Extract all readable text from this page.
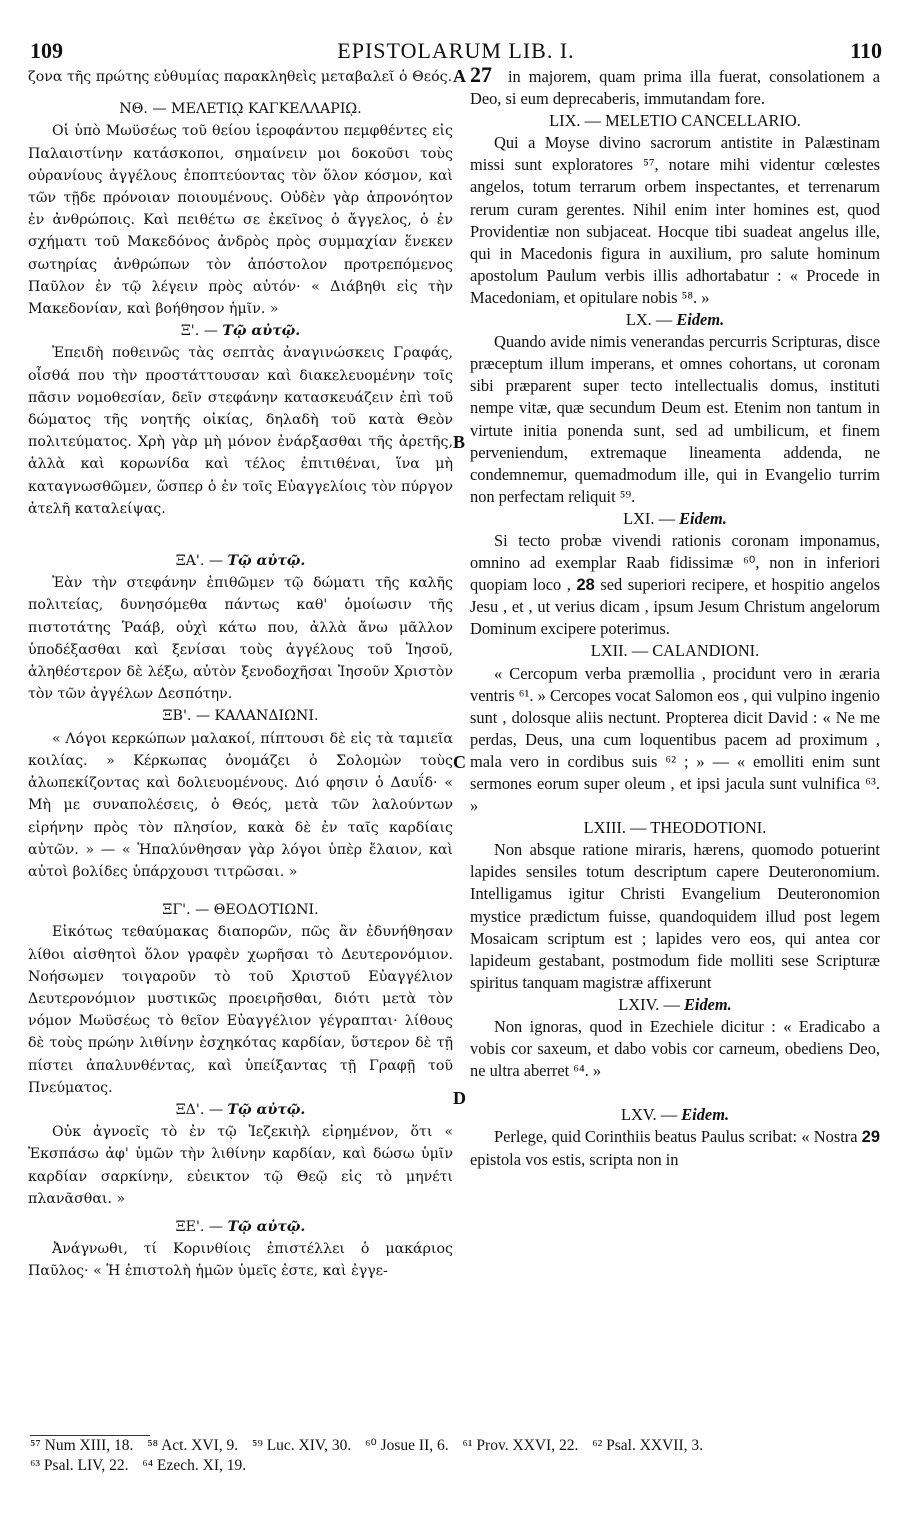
109	EPISTOLARUM LIB. I.	110
A 27
B
C
D

ζονα τῆς πρώτης εὐθυμίας παρακληθεὶς μεταβαλεῖ ὁ Θεός.

ΝΘ. — ΜΕΛΕΤΙῼ ΚΑΓΚΕΛΛΑΡΙῼ.

Οἱ ὑπὸ Μωϋσέως τοῦ θείου ἱεροφάντου πεμφθέντες εἰς Παλαιστίνην κατάσκοποι, σημαίνειν μοι δοκοῦσι τοὺς οὐρανίους ἀγγέλους ἐποπτεύοντας τὸν ὅλον κόσμον, καὶ τῶν τῇδε πρόνοιαν ποιουμένους. Οὐδὲν γὰρ ἀπρονόητον ἐν ἀνθρώποις. Καὶ πειθέτω σε ἐκεῖνος ὁ ἄγγελος, ὁ ἐν σχήματι τοῦ Μακεδόνος ἀνδρὸς πρὸς συμμαχίαν ἕνεκεν σωτηρίας ἀνθρώπων τὸν ἀπόστολον προτρεπόμενος Παῦλον ἐν τῷ λέγειν πρὸς αὐτόν· « Διάβηθι εἰς τὴν Μακεδονίαν, καὶ βοήθησον ἡμῖν. »

Ξ'. — Τῷ αὐτῷ.

Ἐπειδὴ ποθεινῶς τὰς σεπτὰς ἀναγινώσκεις Γραφάς, οἶσθά που τὴν προστάττουσαν καὶ διακελευομένην τοῖς πᾶσιν νομοθεσίαν, δεῖν στεφάνην κατασκευάζειν ἐπὶ τοῦ δώματος τῆς νοητῆς οἰκίας, δηλαδὴ τοῦ κατὰ Θεὸν πολιτεύματος. Χρὴ γὰρ μὴ μόνον ἐνάρξασθαι τῆς ἀρετῆς, ἀλλὰ καὶ κορωνίδα καὶ τέλος ἐπιτιθέναι, ἵνα μὴ καταγνωσθῶμεν, ὥσπερ ὁ ἐν τοῖς Εὐαγγελίοις τὸν πύργον ἀτελῆ καταλείψας.

ΞΑ'. — Τῷ αὐτῷ.

Ἐὰν τὴν στεφάνην ἐπιθῶμεν τῷ δώματι τῆς καλῆς πολιτείας, δυνησόμεθα πάντως καθ' ὁμοίωσιν τῆς πιστοτάτης Ῥαάβ, οὐχὶ κάτω που, ἀλλὰ ἄνω μᾶλλον ὑποδέξασθαι καὶ ξενίσαι τοὺς ἀγγέλους τοῦ Ἰησοῦ, ἀληθέστερον δὲ λέξω, αὐτὸν ξενοδοχῆσαι Ἰησοῦν Χριστὸν τὸν τῶν ἀγγέλων Δεσπότην.

ΞΒ'. — ΚΑΛΑΝΔΙΩΝΙ.

« Λόγοι κερκώπων μαλακοί, πίπτουσι δὲ εἰς τὰ ταμιεῖα κοιλίας. » Κέρκωπας ὀνομάζει ὁ Σολομὼν τοὺς ἀλωπεκίζοντας καὶ δολιευομένους. Διό φησιν ὁ Δαυΐδ· « Μὴ με συναπολέσεις, ὁ Θεός, μετὰ τῶν λαλούντων εἰρήνην πρὸς τὸν πλησίον, κακὰ δὲ ἐν ταῖς καρδίαις αὐτῶν. » — « Ἡπαλύνθησαν γὰρ λόγοι ὑπὲρ ἔλαιον, καὶ αὐτοὶ βολίδες ὑπάρχουσι τιτρῶσαι. »

ΞΓ'. — ΘΕΟΔΟΤΙΩΝΙ.

Εἰκότως τεθαύμακας διαπορῶν, πῶς ἂν ἐδυνήθησαν λίθοι αἰσθητοὶ ὅλον γραφὲν χωρῆσαι τὸ Δευτερονόμιον. Νοήσωμεν τοιγαροῦν τὸ τοῦ Χριστοῦ Εὐαγγέλιον Δευτερονόμιον μυστικῶς προειρῆσθαι, διότι μετὰ τὸν νόμον Μωϋσέως τὸ θεῖον Εὐαγγέλιον γέγραπται· λίθους δὲ τοὺς πρώην λιθίνην ἐσχηκότας καρδίαν, ὕστερον δὲ τῇ πίστει ἀπαλυνθέντας, καὶ ὑπείξαντας τῇ Γραφῇ τοῦ Πνεύματος.

ΞΔ'. — Τῷ αὐτῷ.

Οὐκ ἀγνοεῖς τὸ ἐν τῷ Ἰεζεκιὴλ εἰρημένον, ὅτι « Ἐκσπάσω ἀφ' ὑμῶν τὴν λιθίνην καρδίαν, καὶ δώσω ὑμῖν καρδίαν σαρκίνην, εὐεικτον τῷ Θεῷ εἰς τὸ μηνέτι πλανᾶσθαι. »

ΞΕ'. — Τῷ αὐτῷ.

Ἀνάγνωθι, τί Κορινθίοις ἐπιστέλλει ὁ μακάριος Παῦλος· « Ἡ ἐπιστολὴ ἡμῶν ὑμεῖς ἐστε, καὶ ἐγγε-

in majorem, quam prima illa fuerat, consolationem a Deo, si eum deprecaberis, immutandam fore.

LIX. — MELETIO CANCELLARIO.

Qui a Moyse divino sacrorum antistite in Palæstinam missi sunt exploratores ⁵⁷, notare mihi videntur cœlestes angelos, totum terrarum orbem inspectantes, et terrenarum rerum curam gerentes. Nihil enim inter homines est, quod Providentiæ non subjaceat. Hocque tibi suadeat angelus ille, qui in Macedonis figura in auxilium, pro salute hominum apostolum Paulum verbis illis adhortabatur : « Procede in Macedoniam, et opitulare nobis ⁵⁸. »

LX. — Eidem.

Quando avide nimis venerandas percurris Scripturas, disce præceptum illum imperans, et omnes cohortans, ut coronam sibi præparent super tecto intellectualis domus, instituti nempe vitæ, quæ secundum Deum est. Etenim non tantum in virtute initia ponenda sunt, sed ad umbilicum, et finem perveniendum, extremaque lineamenta addenda, ne condemnemur, quemadmodum ille, qui in Evangelio turrim non perfectam reliquit ⁵⁹.

LXI. — Eidem.

Si tecto probæ vivendi rationis coronam imponamus, omnino ad exemplar Raab fidissimæ ⁶⁰, non in inferiori quopiam loco , 28 sed superiori recipere, et hospitio angelos Jesu , et , ut verius dicam , ipsum Jesum Christum angelorum Dominum excipere poterimus.

LXII. — CALANDIONI.

« Cercopum verba præmollia , procidunt vero in æraria ventris ⁶¹. » Cercopes vocat Salomon eos , qui vulpino ingenio sunt , dolosque aliis nectunt. Propterea dicit David : « Ne me perdas, Deus, una cum loquentibus pacem ad proximum , mala vero in cordibus suis ⁶² ; » — « emolliti enim sunt sermones eorum super oleum , et ipsi jacula sunt vulnifica ⁶³. »

LXIII. — THEODOTIONI.

Non absque ratione miraris, hærens, quomodo potuerint lapides sensiles totum descriptum capere Deuteronomium. Intelligamus igitur Christi Evangelium Deuteronomion mystice prædictum fuisse, quandoquidem illud post legem Mosaicam scriptum est ; lapides vero eos, qui antea cor lapideum gestabant, postmodum fide molliti sese Scripturæ spiritus tanquam magistræ affixerunt

LXIV. — Eidem.

Non ignoras, quod in Ezechiele dicitur : « Eradicabo a vobis cor saxeum, et dabo vobis cor carneum, obediens Deo, ne ultra aberret ⁶⁴. »

LXV. — Eidem.

Perlege, quid Corinthiis beatus Paulus scribat: « Nostra 29 epistola vos estis, scripta non in

⁵⁷ Num XIII, 18. ⁵⁸ Act. XVI, 9. ⁵⁹ Luc. XIV, 30. ⁶⁰ Josue II, 6. ⁶¹ Prov. XXVI, 22. ⁶² Psal. XXVII, 3.
⁶³ Psal. LIV, 22. ⁶⁴ Ezech. XI, 19.
